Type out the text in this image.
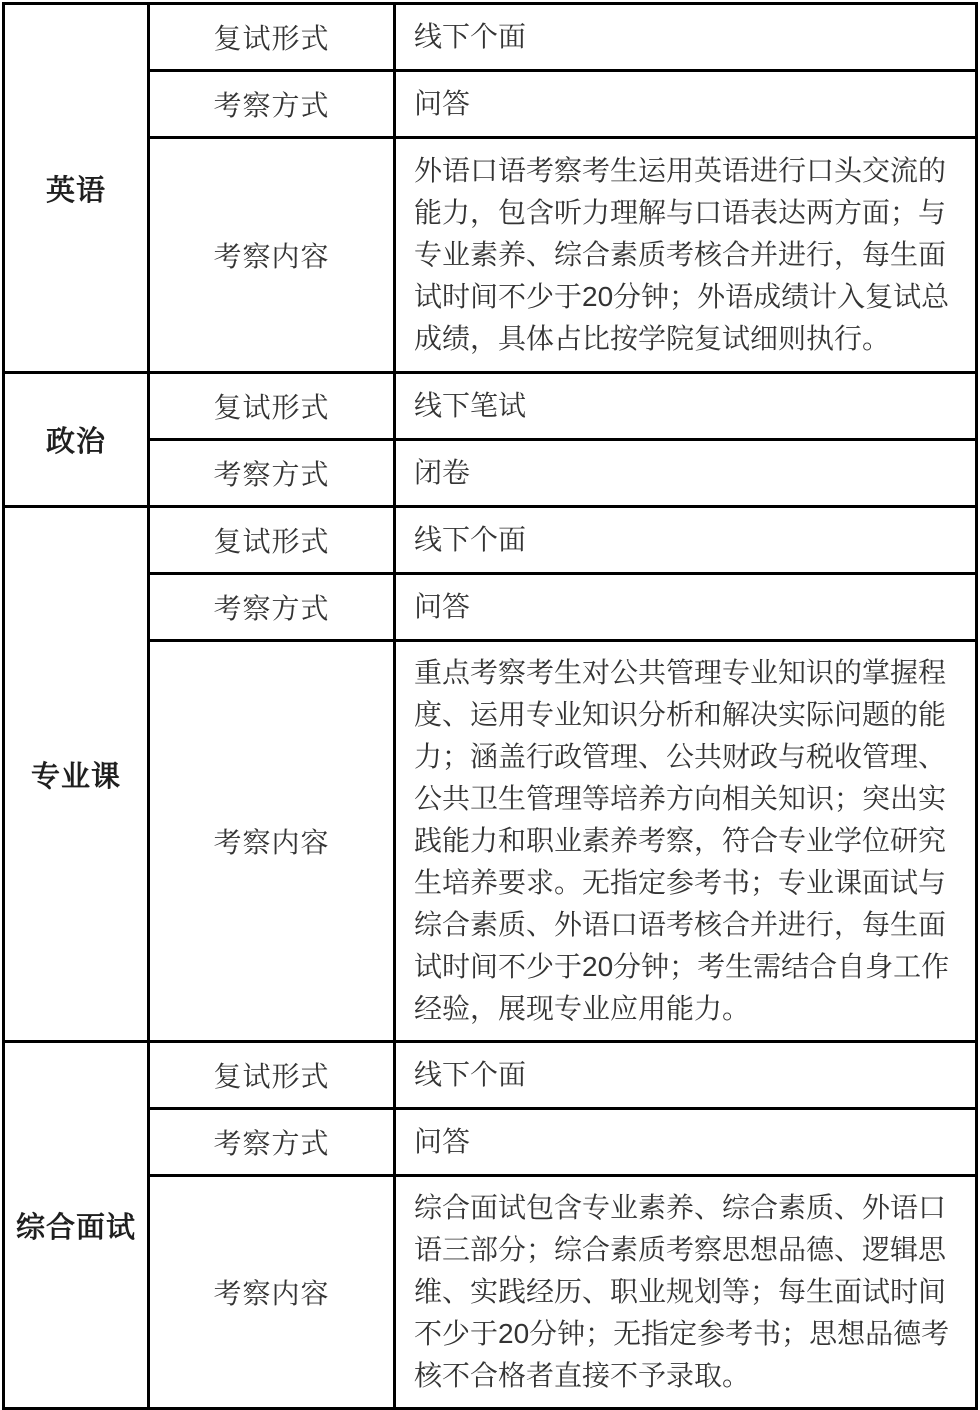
英语	复试形式	线下个面
	考察方式	问答
	考察内容	外语口语考察考生运用英语进行口头交流的能力，包含听力理解与口语表达两方面；与专业素养、综合素质考核合并进行，每生面试时间不少于20分钟；外语成绩计入复试总成绩，具体占比按学院复试细则执行。
政治	复试形式	线下笔试
	考察方式	闭卷
专业课	复试形式	线下个面
	考察方式	问答
	考察内容	重点考察考生对公共管理专业知识的掌握程度、运用专业知识分析和解决实际问题的能力；涵盖行政管理、公共财政与税收管理、公共卫生管理等培养方向相关知识；突出实践能力和职业素养考察，符合专业学位研究生培养要求。无指定参考书；专业课面试与综合素质、外语口语考核合并进行，每生面试时间不少于20分钟；考生需结合自身工作经验，展现专业应用能力。
综合面试	复试形式	线下个面
	考察方式	问答
	考察内容	综合面试包含专业素养、综合素质、外语口语三部分；综合素质考察思想品德、逻辑思维、实践经历、职业规划等；每生面试时间不少于20分钟；无指定参考书；思想品德考核不合格者直接不予录取。
